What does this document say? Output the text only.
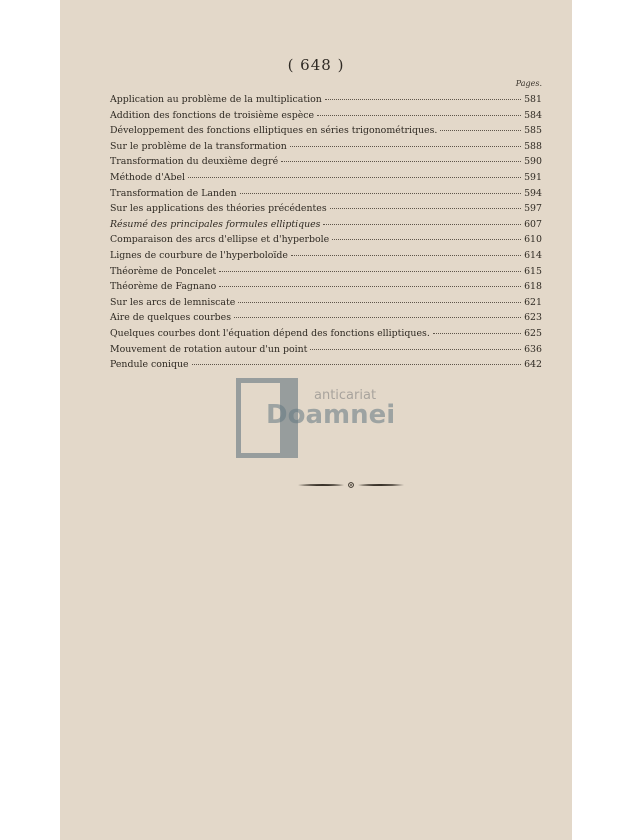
( 648 )
Pages.
Application au problème de la multiplication	581
Addition des fonctions de troisième espèce	584
Développement des fonctions elliptiques en séries trigonométriques.	585
Sur le problème de la transformation	588
Transformation du deuxième degré	590
Méthode d'Abel	591
Transformation de Landen	594
Sur les applications des théories précédentes	597
Résumé des principales formules elliptiques	607
Comparaison des arcs d'ellipse et d'hyperbole	610
Lignes de courbure de l'hyperboloïde	614
Théorème de Poncelet	615
Théorème de Fagnano	618
Sur les arcs de lemniscate	621
Aire de quelques courbes	623
Quelques courbes dont l'équation dépend des fonctions elliptiques.	625
Mouvement de rotation autour d'un point	636
Pendule conique	642
anticariat
Doamnei
